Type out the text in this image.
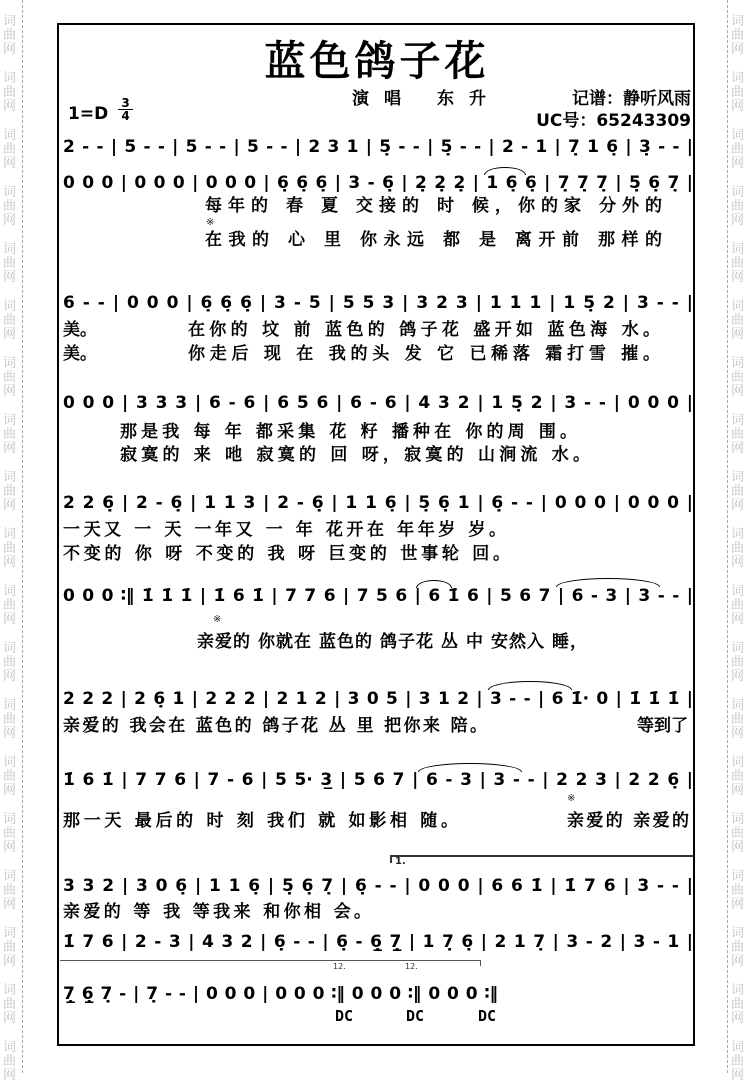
词
曲
网
词
曲
网
词
曲
网
词
曲
网
词
曲
网
词
曲
网
词
曲
网
词
曲
网
词
曲
网
词
曲
网
词
曲
网
词
曲
网
词
曲
网
词
曲
网
词
曲
网
词
曲
网
词
曲
网
词
曲
网
词
曲
网
词
曲
网
词
曲
网
词
曲
网
词
曲
网
词
曲
网
词
曲
网
词
曲
网
词
曲
网
词
曲
网
词
曲
网
词
曲
网
词
曲
网
词
曲
网
词
曲
网
词
曲
网
词
曲
网
词
曲
网
词
曲
网
词
曲
网
蓝色鸽子花
演唱 东升	记谱：静听风雨
UC号：65243309
$1=D \frac{3}{4}$
2 - - | 5 - - | 5 - - | 5 - - | 2 3 1 | 5̣ - - | 5̣ - - | 2 - 1 | 7̣ 1 6̣ | 3̣ - - |
0 0 0 | 0 0 0 | 0 0 0 | 6̣ 6̣ 6̣ | 3 - 6̣ | 2̣ 2̣ 2̣ | 1 6̣ 6̣ | 7̣ 7̣ 7̣ | 5̣ 6̣ 7̣ |
6 - - | 0 0 0 | 6̣ 6̣ 6̣ | 3 - 5 | 5 5 3 | 3 2 3 | 1 1 1 | 1 5̣ 2 | 3 - - |
0 0 0 | 3 3 3 | 6 - 6 | 6 5 6 | 6 - 6 | 4 3 2 | 1 5̣ 2 | 3 - - | 0 0 0 |
2 2 6̣ | 2 - 6̣ | 1 1 3 | 2 - 6̣ | 1 1 6̣ | 5̣ 6̣ 1 | 6̣ - - | 0 0 0 | 0 0 0 |
0 0 0 ∶‖ 1̇ 1̇ 1̇ | 1̇ 6 1̇ | 7 7 6 | 7 5 6 | 6 1̇ 6 | 5 6 7 | 6 - 3 | 3 - - |
2 2 2 | 2 6̣ 1 | 2 2 2 | 2 1 2 | 3 0 5 | 3 1 2 | 3 - - | 6 1̇· 0 | 1̇ 1̇ 1̇ |
1̇ 6 1̇ | 7 7 6 | 7 - 6 | 5 5· 3̲ | 5 6 7 | 6 - 3 | 3 - - | 2 2 3 | 2 2 6̣ |
3 3 2 | 3 0 6̣ | 1 1 6̣ | 5̣ 6̣ 7̣ | 6̣ - - | 0 0 0 | 6 6 1̇ | 1̇ 7 6 | 3 - - |
1̇ 7 6 | 2 - 3 | 4 3 2 | 6̣ - - | 6̣ - 6̲̣ 7̲̣ | 1 7̣ 6̣ | 2 1 7̣ | 3 - 2 | 3 - 1 |
7̲̣ 6̲̣ 7̣ - | 7̣ - - | 0 0 0 | 0 0 0 ∶‖ 0 0 0 ∶‖ 0 0 0 ∶‖
每年的 春 夏 交接的 时 候，你的家 分外的
※
在我的 心 里 你永远 都 是 离开前 那样的
美。	在你的 坟 前 蓝色的 鸽子花 盛开如 蓝色海 水。
美。	你走后 现 在 我的头 发 它 已稀落 霜打雪 摧。
那是我 每 年 都采集 花 籽 播种在 你的周 围。
寂寞的 来 吔 寂寞的 回 呀，寂寞的 山涧流 水。
一天又 一 天 一年又 一 年 花开在 年年岁 岁。
不变的 你 呀 不变的 我 呀 巨变的 世事轮 回。
※
亲爱的 你就在 蓝色的 鸽子花 丛 中 安然入 睡，
亲爱的 我会在 蓝色的 鸽子花 丛 里 把你来 陪。	等到了
那一天 最后的 时 刻 我们 就 如影相 随。
※
亲爱的 亲爱的
亲爱的 等 我 等我来 和你相 会。
1.
12.	12.
DC	DC	DC
